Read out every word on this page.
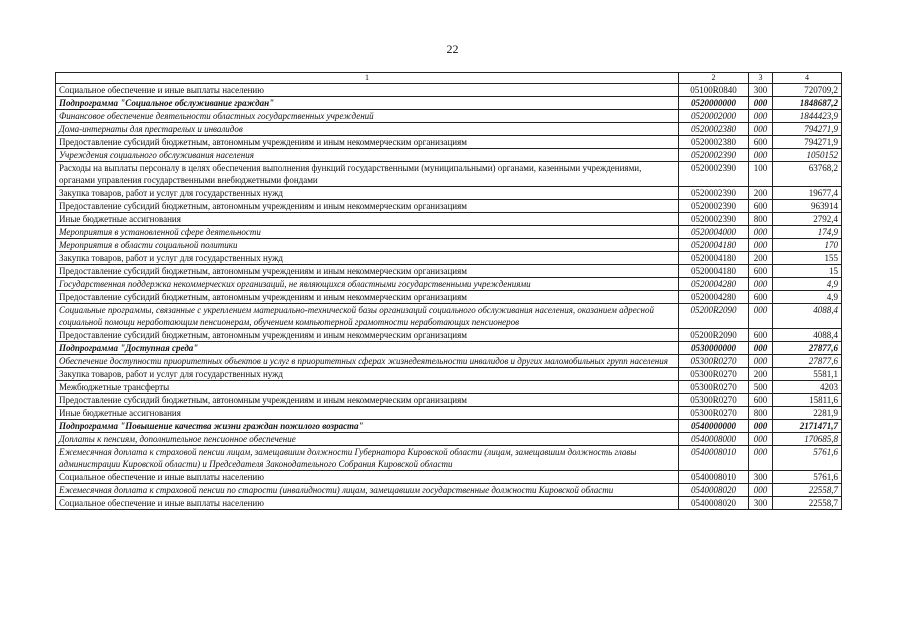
22
1	2	3	4
Социальное обеспечение и иные выплаты населению	05100R0840	300	720709,2
Подпрограмма "Социальное обслуживание граждан"	0520000000	000	1848687,2
Финансовое обеспечение деятельности областных государственных учреждений	0520002000	000	1844423,9
Дома-интернаты для престарелых и инвалидов	0520002380	000	794271,9
Предоставление субсидий бюджетным, автономным учреждениям и иным некоммерческим организациям	0520002380	600	794271,9
Учреждения социального обслуживания населения	0520002390	000	1050152
Расходы на выплаты персоналу в целях обеспечения выполнения функций государственными (муниципальными) органами, казенными учреждениями, органами управления государственными внебюджетными фондами	0520002390	100	63768,2
Закупка товаров, работ и услуг для государственных нужд	0520002390	200	19677,4
Предоставление субсидий бюджетным, автономным учреждениям и иным некоммерческим организациям	0520002390	600	963914
Иные бюджетные ассигнования	0520002390	800	2792,4
Мероприятия в установленной сфере деятельности	0520004000	000	174,9
Мероприятия в области социальной политики	0520004180	000	170
Закупка товаров, работ и услуг для государственных нужд	0520004180	200	155
Предоставление субсидий бюджетным, автономным учреждениям и иным некоммерческим организациям	0520004180	600	15
Государственная поддержка некоммерческих организаций, не являющихся областными государственными учреждениями	0520004280	000	4,9
Предоставление субсидий бюджетным, автономным учреждениям и иным некоммерческим организациям	0520004280	600	4,9
Социальные программы, связанные с укреплением материально-технической базы организаций социального обслуживания населения, оказанием адресной социальной помощи неработающим пенсионерам, обучением компьютерной грамотности неработающих пенсионеров	05200R2090	000	4088,4
Предоставление субсидий бюджетным, автономным учреждениям и иным некоммерческим организациям	05200R2090	600	4088,4
Подпрограмма "Доступная среда"	0530000000	000	27877,6
Обеспечение доступности приоритетных объектов и услуг в приоритетных сферах жизнедеятельности инвалидов и других маломобильных групп населения	05300R0270	000	27877,6
Закупка товаров, работ и услуг для государственных нужд	05300R0270	200	5581,1
Межбюджетные трансферты	05300R0270	500	4203
Предоставление субсидий бюджетным, автономным учреждениям и иным некоммерческим организациям	05300R0270	600	15811,6
Иные бюджетные ассигнования	05300R0270	800	2281,9
Подпрограмма "Повышение качества жизни граждан пожилого возраста"	0540000000	000	2171471,7
Доплаты к пенсиям, дополнительное пенсионное обеспечение	0540008000	000	170685,8
Ежемесячная доплата к страховой пенсии лицам, замещавшим должности Губернатора Кировской области (лицам, замещавшим должность главы администрации Кировской области) и Председателя Законодательного Собрания Кировской области	0540008010	000	5761,6
Социальное обеспечение и иные выплаты населению	0540008010	300	5761,6
Ежемесячная доплата к страховой пенсии по старости (инвалидности) лицам, замещавшим государственные должности Кировской области	0540008020	000	22558,7
Социальное обеспечение и иные выплаты населению	0540008020	300	22558,7
